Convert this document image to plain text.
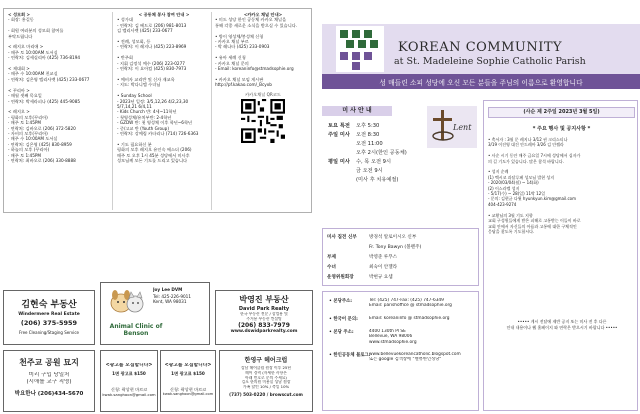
< 성모회 >
- 회장: 홍길동

- 회원 여러분의 성모회 참여를
부탁드립니다

< 레지오 마리애 >
- 매주 토 10:00AM 도서실
- 연락처: 김세실리아 (425) 736-8194

< 제대회 >
- 매주 수 10:00AM 친교실
- 연락처: 김은영 엘리사벳 (425) 233-0677

< 꾸리아 >
- 매월 셋째 목요일
- 연락처: 박세라피나 (425) 445-9085

< 레지오 >
- 평화의 모후(꾸리아)
· 매주 토 1:45PM
· 연락처: 김바오로 (206) 372-5820
- 자비의 모후(꾸리아)
· 매주 수 10:00AM 도서실
· 연락처: 김은영 (425) 830-8959
- 하늘의 모후 (꾸리아)
· 매주 토 1:45PM
· 연락처: 최바오로 (206) 330-8888
< 공동체 봉사 참여 안내 >
• 성가대
- 연락처: 김 베드로 (206) 981-8013
김 엘리사벳 (425) 233-0677

• 전례, 성모회, 등
- 연락처: 이 레지나 (425) 223-8969

• 반주회
- 지휘 김정석 예수 (206) 223-0277
- 연락처: 이 요아킴 (425) 830-7973

• 예비자 교리반 및 신자 재교육
- 지도: 박다니엘 수녀님

• Sunday School
- 2023년 일정: 3/5,12,26 4/2,23,30
5/7,14,21 6/4,11
- Kids Church 반: 4세~11학년
- 첫영성체/유치부반: 2-4학년
- GZDW 반: 첫 영성체 이후 학년~6학년
- 중/고교 반 (Youth Group)
- 연락처: 강예림 카타리나 (714) 726-6363

• 기도 필요하신 분
평화의 모후 레지오 유인숙 에스더 (206)
매주 토 오후 1시 45분 성당에서 미사후
성모님께 모든 기도를 드리고 있습니다
<카카오 채널 안내>
• 미드 성당 한인 공동체 카카오 채널을
통해 각종 새로운 소식을 받으실 수 있습니다.

• 방이 영성체/봉성체 신청
- 카카오 채널 부르
- 박 레나타 (425) 233-0903

• 유아 세례 신청
- 카카오 채널 문의
- Email: koreaninfo@stmadsophie.org

• 카카오 채널 모임 게시판
http://pf.kakao.com/_Bcyxb
카카오채널 QR코드
김현숙 부동산
Windermere Real Estate
(206) 375-5959
Free Cleaning/Staging Service
Joy Lee DVM
Tel: 425-226-9011
Kent, WA 98031
Animal Clinic of Benson
박영진 부동산
David Park Realty
한국 부동산 전문 / 상업용 및
주거용 부동산 컨설팅
(206) 833-7979
www.dswidparkrealty.com
천주교 공원 묘지
미리 구입 당일처
(시애틀 교구 직영)
박요한나 (206)434-5670
<광고를 모집합니다>
1면 광고료 $150
신청: 곽상현 마르코
kwak.sanghoon@gmail.com
<광고를 모집합니다>
1면 광고료 $150
신청: 곽상현 마르코
kwak.sanghoon@gmail.com
한영구 헤어크럽
강남 헤어클럽 원장 이후 25년
헤어 경력 (자세한 사항은
아래 번호로 문의 주세요)
김포 한의원 미용실 성남 점장
가족 할인 10% / 축일 10%
(737) 503-0220 / browscut.com
KOREAN COMMUNITY
at St. Madeleine Sophie Catholic Parish
성 매들린 소피 성당에 오신 모든 분들을 주님의 이름으로 환영합니다
미 사 안 내
토요 특전	오후 5:30
주일 미사	오전 8:30

오전 11:00

오후 2시(한인 공동체)
평일 미사	수, 목 오전 9시

금 오전 9시

(미사 후 치유예절)
Lent
미사 집전 신부	방경석 알로이시오 신부

Fr. Tony Bawyn (볼렌주)
부제	박영준 루푸스
수녀	최숙이 안젤라
운영위원회장	박현규 요셉
• 본당주소:	Tel: (425) 747-Fax: (425) 747-6349
Email: parishoffice @ stmadsophie.org
• 한국어 문의:	Email: koreaninfo @ stmadsophie.org
• 본당 주소:	4400 130th Pl SE
Bellevue, WA 98006
www.stmadsophie.org
• 한인공동체 블로그:
www.bellevuekoreancatholic.blogspot.com
또는 google 검색창에 "벨뷰한인성당"
(사순 제 2주일 2023년 3월 5일)
* 주요 행사 및 공지사항 *
• 축서자 : 3월 문 레지나 3/12 권 크리스티나
3/19 이진영 대건 안드레아 3/26 김 안젤라

• 사순 시기 동안 매주 금요일 7시에 성당에서 십자가
의 길 기도가 있습니다. 많은 참석 바랍니다.

• 성지 순례
(1) 멕시코 과달루페 성모님 발현 성지
- 2020/03/04(월) ~ 14(화)
(2) 이스라엘 성지
- 5/17(수) ~ 28(일) 11박 12일
- 문의: 김현균 다윗 hyunkyun.kim@gmail.com
404-423-9274

• 교황님의 3월 기도 지향
교회 구성원들에게 받은 피해로 고통받는 이들이 바로
교회 안에서 자신들의 아픔과 고통에 대한 구체적인
응답을 찾도록 기도합시다.
••••• 게시 전달에 제반 공지 또는 미사 전 후 다른
안내 내용이나 웹 홈페이지 와 연락은 받으시기 바랍니다 •••••
